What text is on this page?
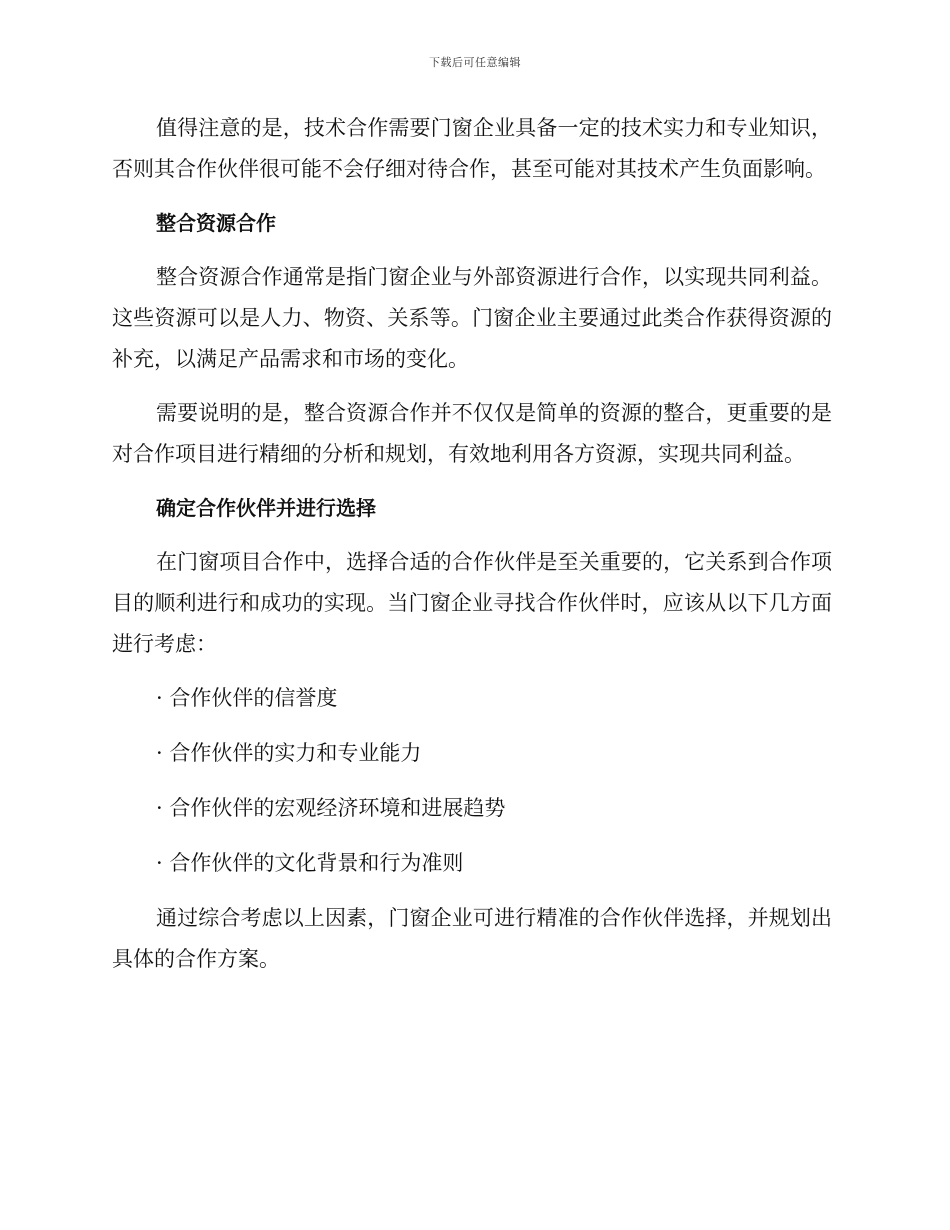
下载后可任意编辑

值得注意的是，技术合作需要门窗企业具备一定的技术实力和专业知识，否则其合作伙伴很可能不会仔细对待合作，甚至可能对其技术产生负面影响。

整合资源合作

整合资源合作通常是指门窗企业与外部资源进行合作，以实现共同利益。这些资源可以是人力、物资、关系等。门窗企业主要通过此类合作获得资源的补充，以满足产品需求和市场的变化。

需要说明的是，整合资源合作并不仅仅是简单的资源的整合，更重要的是对合作项目进行精细的分析和规划，有效地利用各方资源，实现共同利益。

确定合作伙伴并进行选择

在门窗项目合作中，选择合适的合作伙伴是至关重要的，它关系到合作项目的顺利进行和成功的实现。当门窗企业寻找合作伙伴时，应该从以下几方面进行考虑：

· 合作伙伴的信誉度

· 合作伙伴的实力和专业能力

· 合作伙伴的宏观经济环境和进展趋势

· 合作伙伴的文化背景和行为准则

通过综合考虑以上因素，门窗企业可进行精准的合作伙伴选择，并规划出具体的合作方案。
